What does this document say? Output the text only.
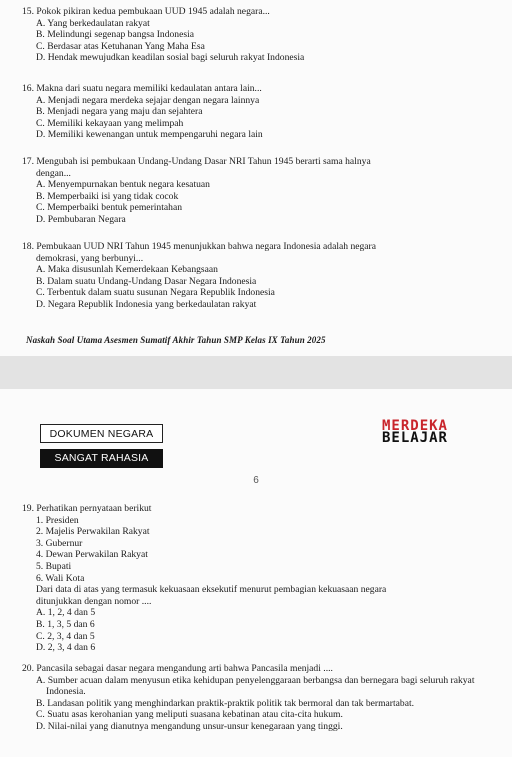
15. Pokok pikiran kedua pembukaan UUD 1945 adalah negara...

A. Yang berkedaulatan rakyat

B. Melindungi segenap bangsa Indonesia

C. Berdasar atas Ketuhanan Yang Maha Esa

D. Hendak mewujudkan keadilan sosial bagi seluruh rakyat Indonesia

16. Makna dari suatu negara memiliki kedaulatan antara lain...

A. Menjadi negara merdeka sejajar dengan negara lainnya

B. Menjadi negara yang maju dan sejahtera

C. Memiliki kekayaan yang melimpah

D. Memiliki kewenangan untuk mempengaruhi negara lain

17. Mengubah isi pembukaan Undang-Undang Dasar NRI Tahun 1945 berarti sama halnya

dengan...

A. Menyempurnakan bentuk negara kesatuan

B. Memperbaiki isi yang tidak cocok

C. Memperbaiki bentuk pemerintahan

D. Pembubaran Negara

18. Pembukaan UUD NRI Tahun 1945 menunjukkan bahwa negara Indonesia adalah negara

demokrasi, yang berbunyi...

A. Maka disusunlah Kemerdekaan Kebangsaan

B. Dalam suatu Undang-Undang Dasar Negara Indonesia

C. Terbentuk dalam suatu susunan Negara Republik Indonesia

D. Negara Republik Indonesia yang berkedaulatan rakyat

Naskah Soal Utama Asesmen Sumatif Akhir Tahun SMP Kelas IX Tahun 2025
DOKUMEN NEGARA
SANGAT RAHASIA
MERDEKA
BELAJAR
6

19. Perhatikan pernyataan berikut

1. Presiden

2. Majelis Perwakilan Rakyat

3. Gubernur

4. Dewan Perwakilan Rakyat

5. Bupati

6. Wali Kota

Dari data di atas yang termasuk kekuasaan eksekutif menurut pembagian kekuasaan negara

ditunjukkan dengan nomor ....

A. 1, 2, 4 dan 5

B. 1, 3, 5 dan 6

C. 2, 3, 4 dan 5

D. 2, 3, 4 dan 6

20. Pancasila sebagai dasar negara mengandung arti bahwa Pancasila menjadi ....

A. Sumber acuan dalam menyusun etika kehidupan penyelenggaraan berbangsa dan bernegara bagi seluruh rakyat Indonesia.

B. Landasan politik yang menghindarkan praktik-praktik politik tak bermoral dan tak bermartabat.

C. Suatu asas kerohanian yang meliputi suasana kebatinan atau cita-cita hukum.

D. Nilai-nilai yang dianutnya mengandung unsur-unsur kenegaraan yang tinggi.
